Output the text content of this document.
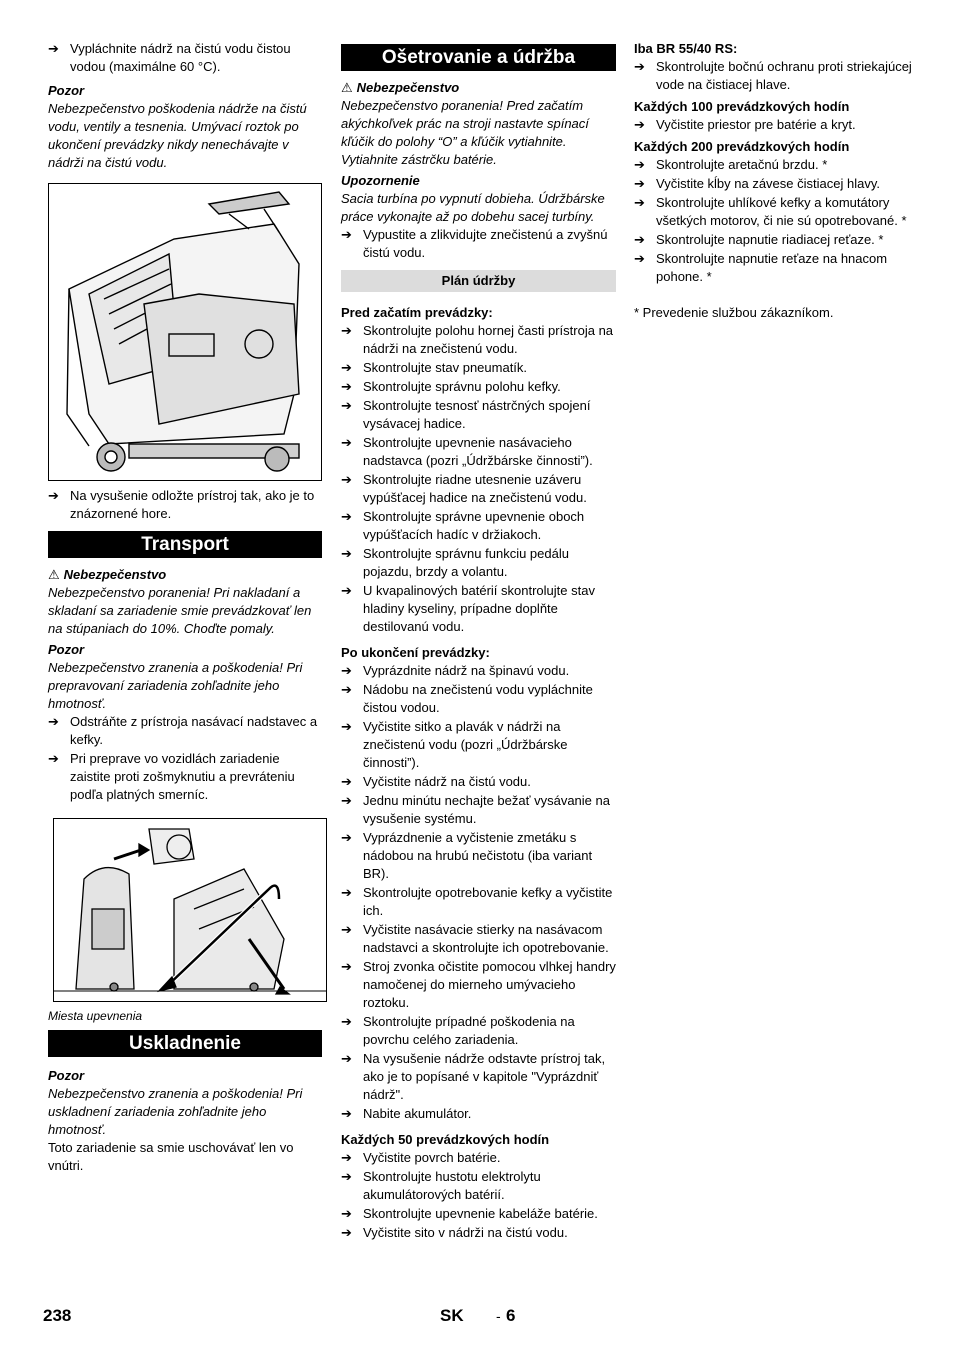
➔ Vypláchnite nádrž na čistú vodu čistou vodou (maximálne 60 °C).

Pozor

Nebezpečenstvo poškodenia nádrže na čistú vodu, ventily a tesnenia. Umývací roztok po ukončení prevádzky nikdy nenechávajte v nádrži na čistú vodu.

➔ Na vysušenie odložte prístroj tak, ako je to znázornené hore.
Transport

⚠ Nebezpečenstvo

Nebezpečenstvo poranenia! Pri nakladaní a skladaní sa zariadenie smie prevádzkovať len na stúpaniach do 10%. Choďte pomaly.

Pozor

Nebezpečenstvo zranenia a poškodenia! Pri prepravovaní zariadenia zohľadnite jeho hmotnosť.

➔ Odstráňte z prístroja nasávací nadstavec a kefky.
➔ Pri preprave vo vozidlách zariadenie zaistite proti zošmyknutiu a prevráteniu podľa platných smerníc.

Miesta upevnenia

Uskladnenie

Pozor

Nebezpečenstvo zranenia a poškodenia! Pri uskladnení zariadenia zohľadnite jeho hmotnosť.

Toto zariadenie sa smie uschovávať len vo vnútri.

Ošetrovanie a údržba

⚠ Nebezpečenstvo

Nebezpečenstvo poranenia! Pred začatím akýchkoľvek prác na stroji nastavte spínací kľúčik do polohy “O” a kľúčik vytiahnite. Vytiahnite zástrčku batérie.

Upozornenie

Sacia turbína po vypnutí dobieha. Údržbárske práce vykonajte až po dobehu sacej turbíny.

➔ Vypustite a zlikvidujte znečistenú a zvyšnú čistú vodu.
Plán údržby

Pred začatím prevádzky:

➔ Skontrolujte polohu hornej časti prístroja na nádrži na znečistenú vodu.
➔ Skontrolujte stav pneumatík.
➔ Skontrolujte správnu polohu kefky.
➔ Skontrolujte tesnosť nástrčných spojení vysávacej hadice.
➔ Skontrolujte upevnenie nasávacieho nadstavca (pozri „Údržbárske činnosti”).
➔ Skontrolujte riadne utesnenie uzáveru vypúšťacej hadice na znečistenú vodu.
➔ Skontrolujte správne upevnenie oboch vypúšťacích hadíc v držiakoch.
➔ Skontrolujte správnu funkciu pedálu pojazdu, brzdy a volantu.
➔ U kvapalinových batérií skontrolujte stav hladiny kyseliny, prípadne doplňte destilovanú vodu.

Po ukončení prevádzky:

➔ Vyprázdnite nádrž na špinavú vodu.
➔ Nádobu na znečistenú vodu vypláchnite čistou vodou.
➔ Vyčistite sitko a plavák v nádrži na znečistenú vodu (pozri „Údržbárske činnosti”).
➔ Vyčistite nádrž na čistú vodu.
➔ Jednu minútu nechajte bežať vysávanie na vysušenie systému.
➔ Vyprázdnenie a vyčistenie zmetáku s nádobou na hrubú nečistotu (iba variant BR).
➔ Skontrolujte opotrebovanie kefky a vyčistite ich.
➔ Vyčistite nasávacie stierky na nasávacom nadstavci a skontrolujte ich opotrebovanie.
➔ Stroj zvonka očistite pomocou vlhkej handry namočenej do mierneho umývacieho roztoku.
➔ Skontrolujte prípadné poškodenia na povrchu celého zariadenia.
➔ Na vysušenie nádrže odstavte prístroj tak, ako je to popísané v kapitole "Vyprázdniť nádrž".
➔ Nabite akumulátor.

Každých 50 prevádzkových hodín

➔ Vyčistite povrch batérie.
➔ Skontrolujte hustotu elektrolytu akumulátorových batérií.
➔ Skontrolujte upevnenie kabeláže batérie.
➔ Vyčistite sito v nádrži na čistú vodu.

Iba BR 55/40 RS:

➔ Skontrolujte bočnú ochranu proti striekajúcej vode na čistiacej hlave.

Každých 100 prevádzkových hodín

➔ Vyčistite priestor pre batérie a kryt.

Každých 200 prevádzkových hodín

➔ Skontrolujte aretačnú brzdu. *
➔ Vyčistite kĺby na závese čistiacej hlavy.
➔ Skontrolujte uhlíkové kefky a komutátory všetkých motorov, či nie sú opotrebované. *
➔ Skontrolujte napnutie riadiacej reťaze. *
➔ Skontrolujte napnutie reťaze na hnacom pohone. *

* Prevedenie službou zákazníkom.

238	SK - 6
